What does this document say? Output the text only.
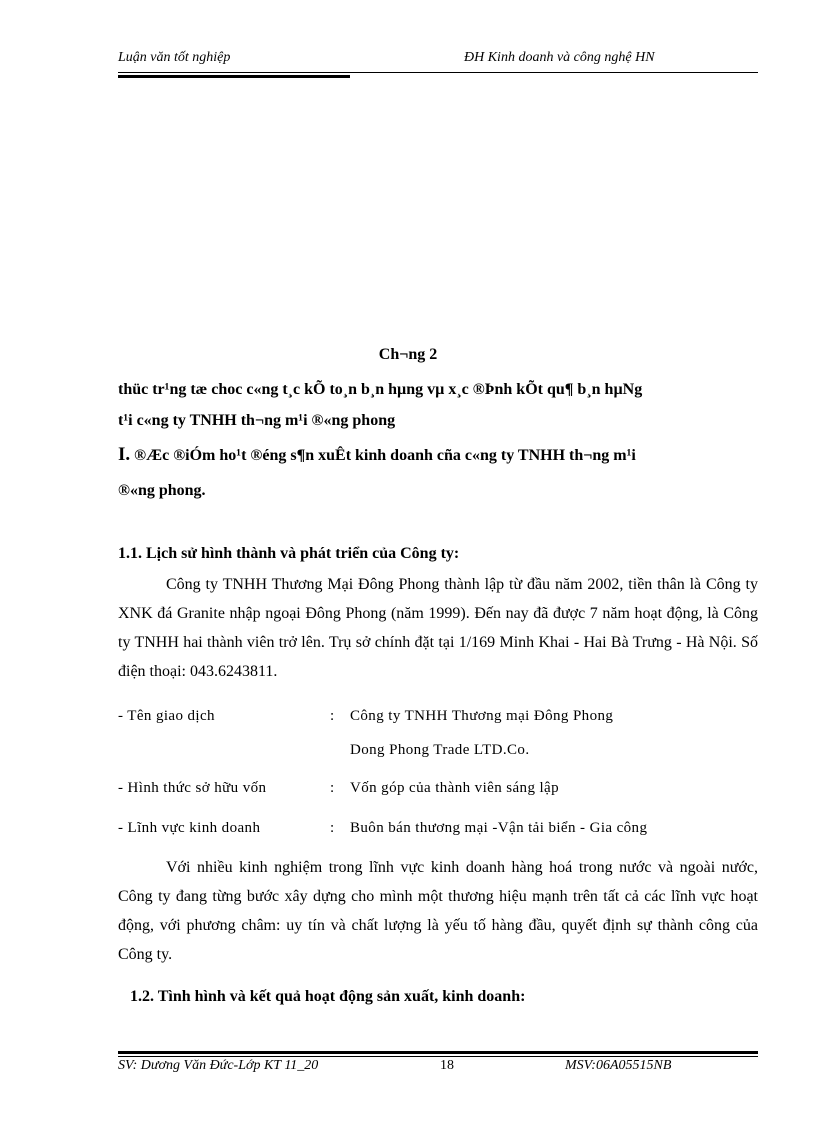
Luận văn tốt nghiệp	ĐH Kinh doanh và công nghệ HN
Ch¬ng 2
thüc tr¹ng tæ choc c«ng t¸c kÕ to¸n b¸n hµng vµ x¸c ®Þnh kÕt qu¶ b¸n hµNg
t¹i c«ng ty TNHH th¬ng m¹i ®«ng phong
I. ®Æc ®iÓm ho¹t ®éng s¶n xuÊt kinh doanh cña c«ng ty TNHH th¬ng m¹i
®«ng phong.
1.1. Lịch sử hình thành và phát triển của Công ty:
Công ty TNHH Thương Mại Đông Phong thành lập từ đầu năm 2002, tiền thân là Công ty XNK đá Granite nhập ngoại Đông Phong (năm 1999). Đến nay đã được 7 năm hoạt động, là Công ty TNHH hai thành viên trở lên. Trụ sở chính đặt tại 1/169 Minh Khai - Hai Bà Trưng - Hà Nội. Số điện thoại: 043.6243811.
- Tên giao dịch	: Công ty TNHH Thương mại Đông Phong
Dong Phong Trade LTD.Co.
- Hình thức sở hữu vốn	: Vốn góp của thành viên sáng lập
- Lĩnh vực kinh doanh	: Buôn bán thương mại -Vận tải biển - Gia công
Với nhiều kinh nghiệm trong lĩnh vực kinh doanh hàng hoá trong nước và ngoài nước, Công ty đang từng bước xây dựng cho mình một thương hiệu mạnh trên tất cả các lĩnh vực hoạt động, với phương châm: uy tín và chất lượng là yếu tố hàng đầu, quyết định sự thành công của Công ty.
1.2. Tình hình và kết quả hoạt động sản xuất, kinh doanh:
SV: Dương Văn Đức-Lớp KT 11_20	18	MSV:06A05515NB
